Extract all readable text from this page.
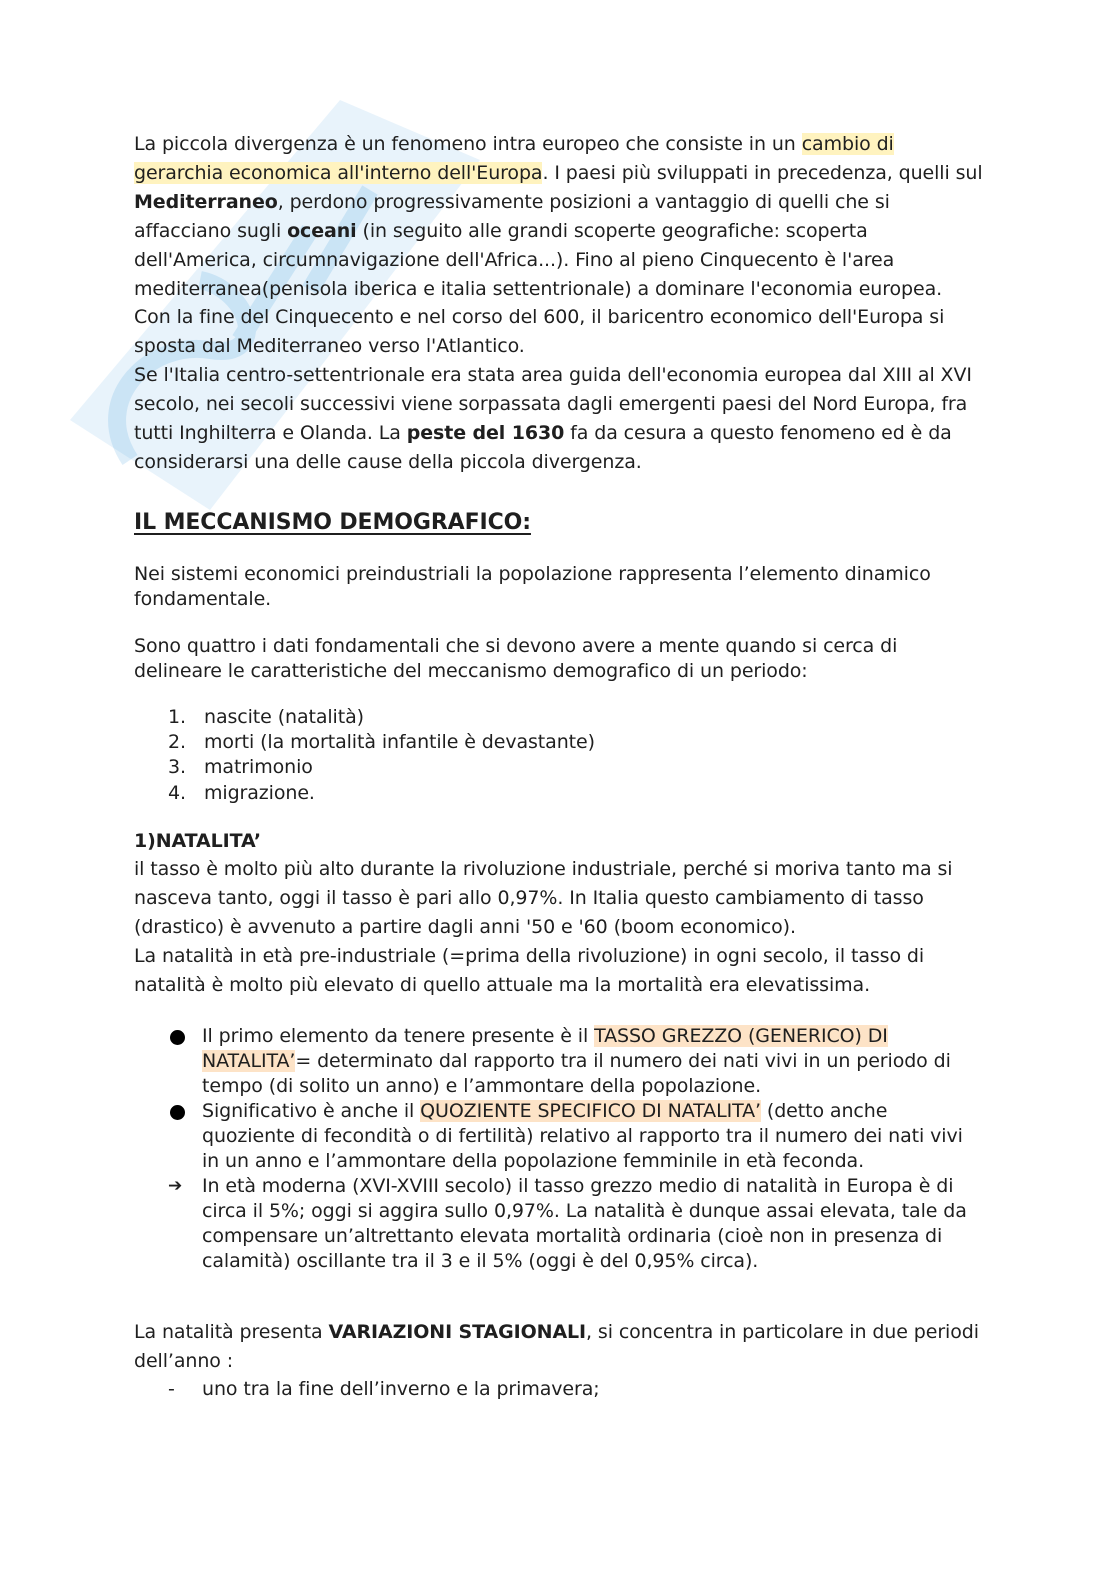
La piccola divergenza è un fenomeno intra europeo che consiste in un cambio di gerarchia economica all'interno dell'Europa. I paesi più sviluppati in precedenza, quelli sul Mediterraneo, perdono progressivamente posizioni a vantaggio di quelli che si affacciano sugli oceani (in seguito alle grandi scoperte geografiche: scoperta dell'America, circumnavigazione dell'Africa...). Fino al pieno Cinquecento è l'area mediterranea(penisola iberica e italia settentrionale) a dominare l'economia europea. Con la fine del Cinquecento e nel corso del 600, il baricentro economico dell'Europa si sposta dal Mediterraneo verso l'Atlantico.
Se l'Italia centro-settentrionale era stata area guida dell'economia europea dal XIII al XVI secolo, nei secoli successivi viene sorpassata dagli emergenti paesi del Nord Europa, fra tutti Inghilterra e Olanda. La peste del 1630 fa da cesura a questo fenomeno ed è da considerarsi una delle cause della piccola divergenza.

IL MECCANISMO DEMOGRAFICO:

Nei sistemi economici preindustriali la popolazione rappresenta l’elemento dinamico fondamentale.

Sono quattro i dati fondamentali che si devono avere a mente quando si cerca di delineare le caratteristiche del meccanismo demografico di un periodo:

1. nascite (natalità)
2. morti (la mortalità infantile è devastante)
3. matrimonio
4. migrazione.
1)NATALITA’

il tasso è molto più alto durante la rivoluzione industriale, perché si moriva tanto ma si nasceva tanto, oggi il tasso è pari allo 0,97%. In Italia questo cambiamento di tasso (drastico) è avvenuto a partire dagli anni '50 e '60 (boom economico).
La natalità in età pre-industriale (=prima della rivoluzione) in ogni secolo, il tasso di natalità è molto più elevato di quello attuale ma la mortalità era elevatissima.

Il primo elemento da tenere presente è il TASSO GREZZO (GENERICO) DI NATALITA’= determinato dal rapporto tra il numero dei nati vivi in un periodo di tempo (di solito un anno) e l’ammontare della popolazione.
Significativo è anche il QUOZIENTE SPECIFICO DI NATALITA’ (detto anche quoziente di fecondità o di fertilità) relativo al rapporto tra il numero dei nati vivi in un anno e l’ammontare della popolazione femminile in età feconda.
➔ In età moderna (XVI-XVIII secolo) il tasso grezzo medio di natalità in Europa è di circa il 5%; oggi si aggira sullo 0,97%. La natalità è dunque assai elevata, tale da compensare un’altrettanto elevata mortalità ordinaria (cioè non in presenza di calamità) oscillante tra il 3 e il 5% (oggi è del 0,95% circa).

La natalità presenta VARIAZIONI STAGIONALI, si concentra in particolare in due periodi dell’anno :

-	uno tra la fine dell’inverno e la primavera;
